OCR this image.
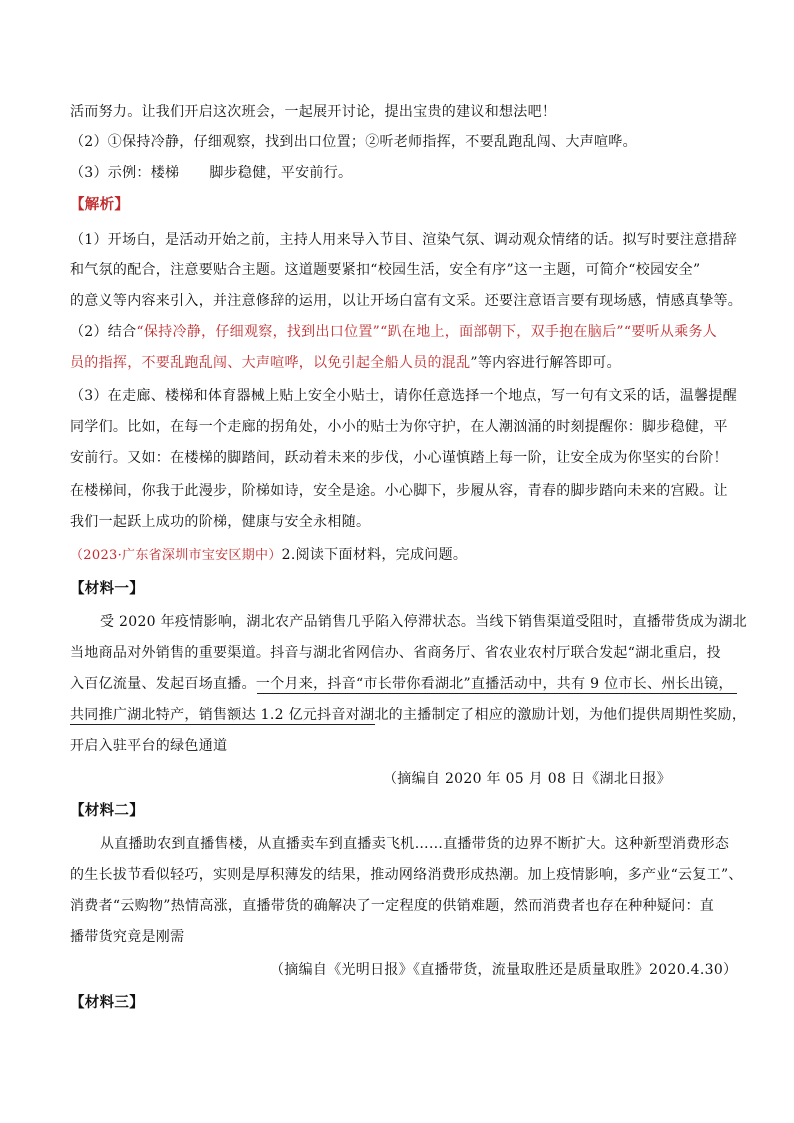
活而努力。让我们开启这次班会，一起展开讨论，提出宝贵的建议和想法吧！
（2）①保持冷静，仔细观察，找到出口位置；②听老师指挥，不要乱跑乱闯、大声喧哗。
（3）示例：楼梯 脚步稳健，平安前行。
【解析】
（1）开场白，是活动开始之前，主持人用来导入节目、渲染气氛、调动观众情绪的话。拟写时要注意措辞
和气氛的配合，注意要贴合主题。这道题要紧扣“校园生活，安全有序”这一主题，可简介“校园安全”
的意义等内容来引入，并注意修辞的运用，以让开场白富有文采。还要注意语言要有现场感，情感真挚等。
（2）结合“保持冷静，仔细观察，找到出口位置”“趴在地上，面部朝下，双手抱在脑后”“要听从乘务人
员的指挥，不要乱跑乱闯、大声喧哗，以免引起全船人员的混乱”等内容进行解答即可。
（3）在走廊、楼梯和体育器械上贴上安全小贴士，请你任意选择一个地点，写一句有文采的话，温馨提醒
同学们。比如，在每一个走廊的拐角处，小小的贴士为你守护，在人潮汹涌的时刻提醒你：脚步稳健，平
安前行。又如：在楼梯的脚踏间，跃动着未来的步伐，小心谨慎踏上每一阶，让安全成为你坚实的台阶！
在楼梯间，你我于此漫步，阶梯如诗，安全是途。小心脚下，步履从容，青春的脚步踏向未来的宫殿。让
我们一起跃上成功的阶梯，健康与安全永相随。
（2023·广东省深圳市宝安区期中）2.阅读下面材料，完成问题。
【材料一】
受 2020 年疫情影响，湖北农产品销售几乎陷入停滞状态。当线下销售渠道受阻时，直播带货成为湖北
当地商品对外销售的重要渠道。抖音与湖北省网信办、省商务厅、省农业农村厅联合发起“湖北重启，投
入百亿流量、发起百场直播。一个月来，抖音“市长带你看湖北”直播活动中，共有 9 位市长、州长出镜，
共同推广湖北特产，销售额达 1.2 亿元抖音对湖北的主播制定了相应的激励计划，为他们提供周期性奖励，
开启入驻平台的绿色通道
（摘编自 2020 年 05 月 08 日《湖北日报》
【材料二】
从直播助农到直播售楼，从直播卖车到直播卖飞机……直播带货的边界不断扩大。这种新型消费形态
的生长拔节看似轻巧，实则是厚积薄发的结果，推动网络消费形成热潮。加上疫情影响，多产业“云复工”、
消费者“云购物”热情高涨，直播带货的确解决了一定程度的供销难题，然而消费者也存在种种疑问：直
播带货究竟是刚需
（摘编自《光明日报》《直播带货，流量取胜还是质量取胜》2020.4.30）
【材料三】
